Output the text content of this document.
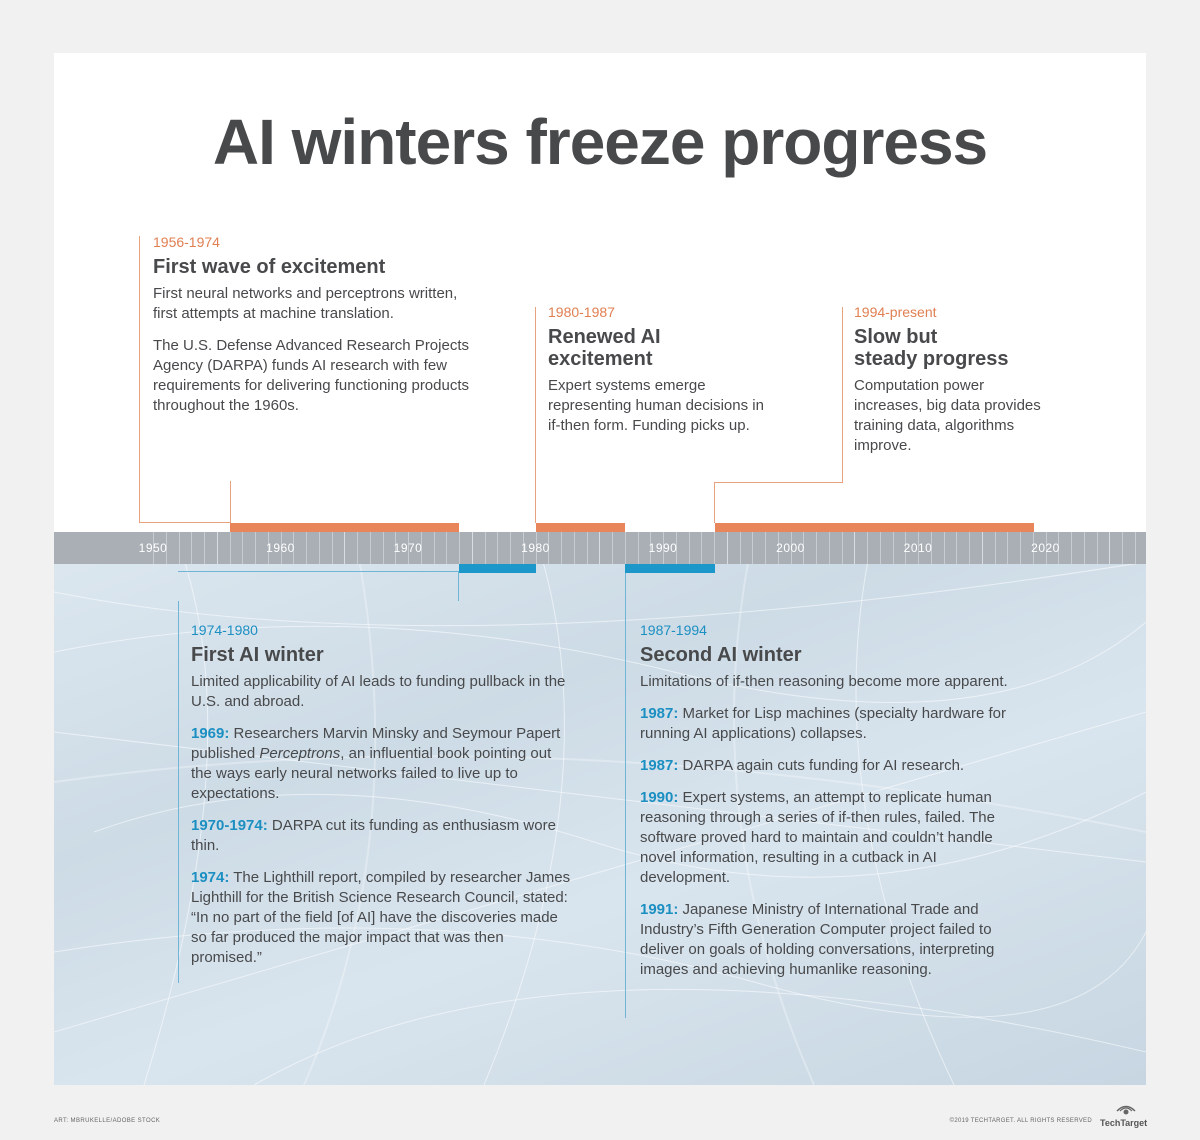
AI winters freeze progress
1950	1960	1970	1980	1990	2000	2010	2020
1956-1974
First wave of excitement
First neural networks and perceptrons written, first attempts at machine translation.
The U.S. Defense Advanced Research Projects Agency (DARPA) funds AI research with few requirements for delivering functioning products throughout the 1960s.
1980-1987
Renewed AI
excitement
Expert systems emerge representing human decisions in if-then form. Funding picks up.
1994-present
Slow but
steady progress
Computation power increases, big data provides training data, algorithms improve.
1974-1980
First AI winter
Limited applicability of AI leads to funding pullback in the U.S. and abroad.
1969: Researchers Marvin Minsky and Seymour Papert published Perceptrons, an influential book pointing out the ways early neural networks failed to live up to expectations.
1970-1974: DARPA cut its funding as enthusiasm wore thin.
1974: The Lighthill report, compiled by researcher James Lighthill for the British Science Research Council, stated: “In no part of the field [of AI] have the discoveries made so far produced the major impact that was then promised.”
1987-1994
Second AI winter
Limitations of if-then reasoning become more apparent.
1987: Market for Lisp machines (specialty hardware for running AI applications) collapses.
1987: DARPA again cuts funding for AI research.
1990: Expert systems, an attempt to replicate human reasoning through a series of if-then rules, failed. The software proved hard to maintain and couldn’t handle novel information, resulting in a cutback in AI development.
1991: Japanese Ministry of International Trade and Industry’s Fifth Generation Computer project failed to deliver on goals of holding conversations, interpreting images and achieving humanlike reasoning.
ART: MBRUKELLE/ADOBE STOCK	©2019 TECHTARGET. ALL RIGHTS RESERVED TechTarget
